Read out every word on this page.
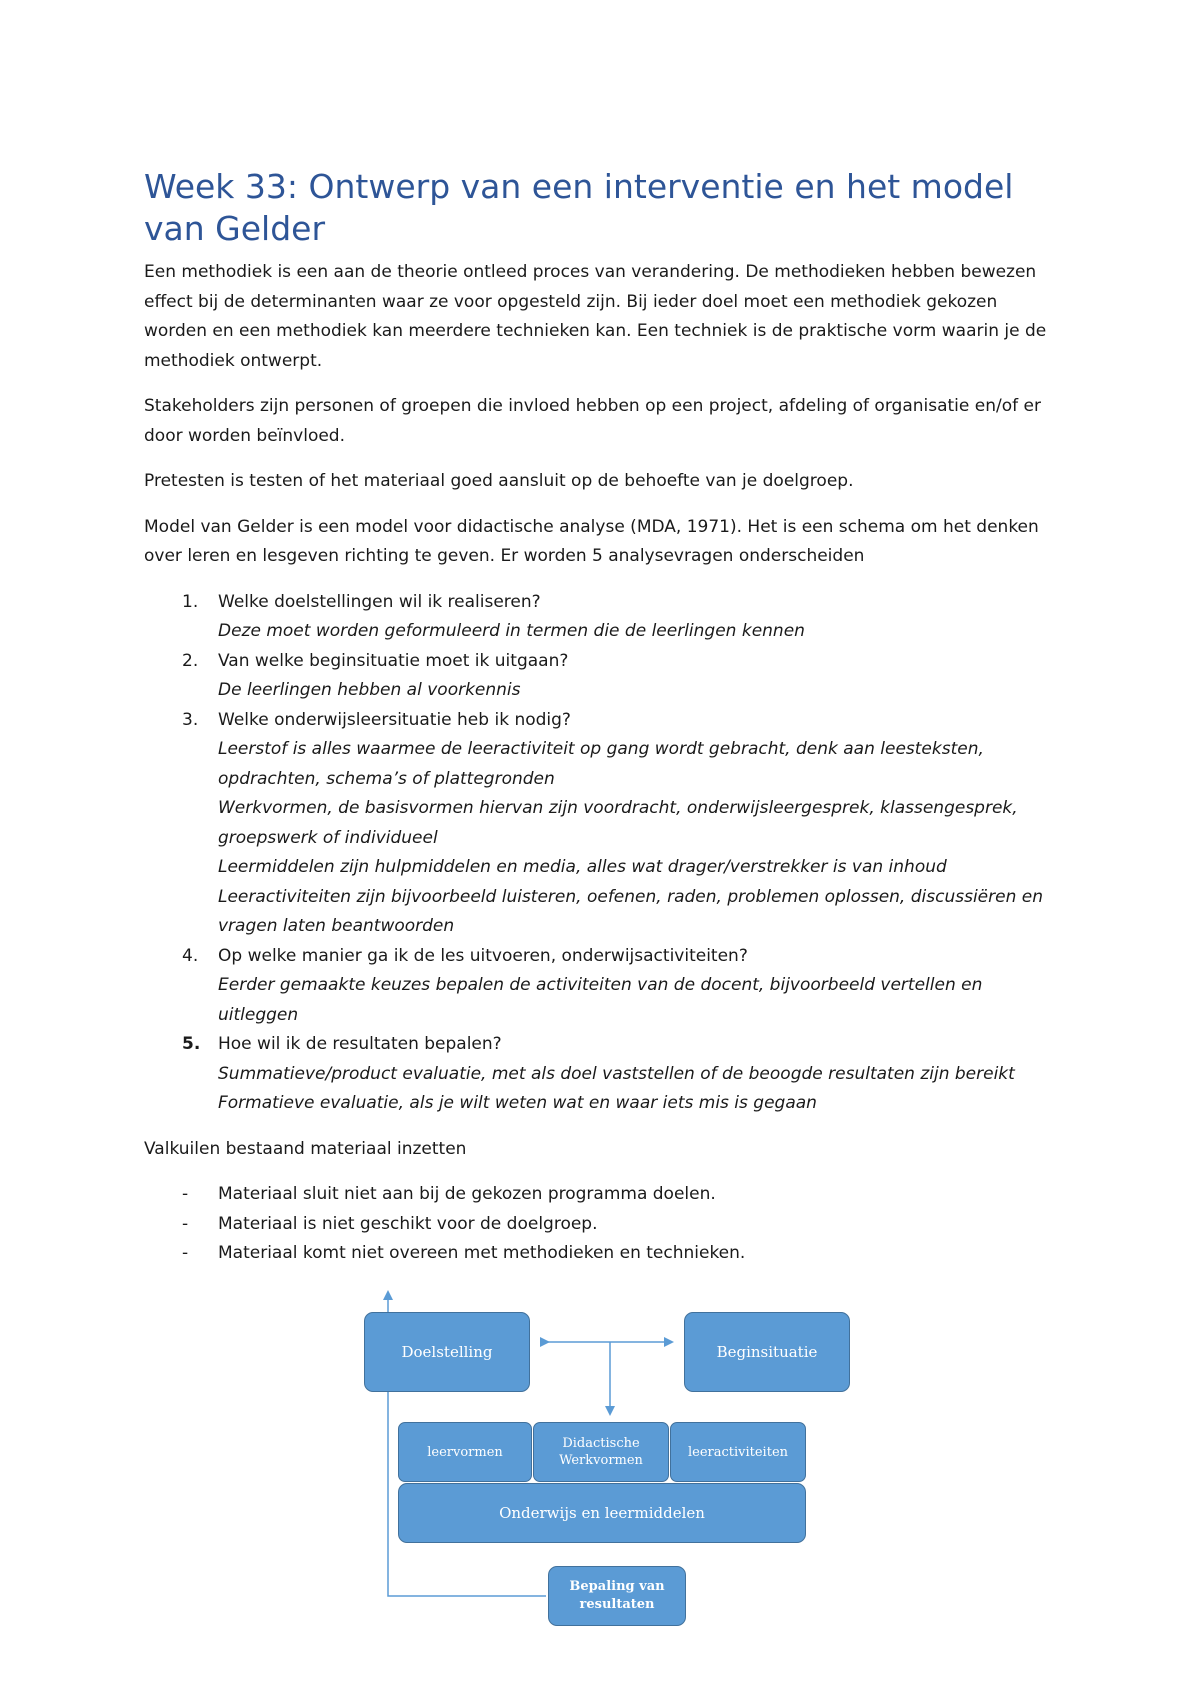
Week 33: Ontwerp van een interventie en het model van Gelder

Een methodiek is een aan de theorie ontleed proces van verandering. De methodieken hebben bewezen effect bij de determinanten waar ze voor opgesteld zijn. Bij ieder doel moet een methodiek gekozen worden en een methodiek kan meerdere technieken kan. Een techniek is de praktische vorm waarin je de methodiek ontwerpt.

Stakeholders zijn personen of groepen die invloed hebben op een project, afdeling of organisatie en/of er door worden beïnvloed.

Pretesten is testen of het materiaal goed aansluit op de behoefte van je doelgroep.

Model van Gelder is een model voor didactische analyse (MDA, 1971). Het is een schema om het denken over leren en lesgeven richting te geven. Er worden 5 analysevragen onderscheiden

1. Welke doelstellingen wil ik realiseren?
Deze moet worden geformuleerd in termen die de leerlingen kennen
2. Van welke beginsituatie moet ik uitgaan?
De leerlingen hebben al voorkennis
3. Welke onderwijsleersituatie heb ik nodig?
Leerstof is alles waarmee de leeractiviteit op gang wordt gebracht, denk aan leesteksten, opdrachten, schema’s of plattegronden
Werkvormen, de basisvormen hiervan zijn voordracht, onderwijsleergesprek, klassengesprek, groepswerk of individueel
Leermiddelen zijn hulpmiddelen en media, alles wat drager/verstrekker is van inhoud
Leeractiviteiten zijn bijvoorbeeld luisteren, oefenen, raden, problemen oplossen, discussiëren en vragen laten beantwoorden
4. Op welke manier ga ik de les uitvoeren, onderwijsactiviteiten?
Eerder gemaakte keuzes bepalen de activiteiten van de docent, bijvoorbeeld vertellen en uitleggen
5. Hoe wil ik de resultaten bepalen?
Summatieve/product evaluatie, met als doel vaststellen of de beoogde resultaten zijn bereikt
Formatieve evaluatie, als je wilt weten wat en waar iets mis is gegaan

Valkuilen bestaand materiaal inzetten

- Materiaal sluit niet aan bij de gekozen programma doelen.
- Materiaal is niet geschikt voor de doelgroep.
- Materiaal komt niet overeen met methodieken en technieken.
Doelstelling	Beginsituatie
leervormen
Didactische
Werkvormen
leeractiviteiten
Onderwijs en leermiddelen
Bepaling van
resultaten
